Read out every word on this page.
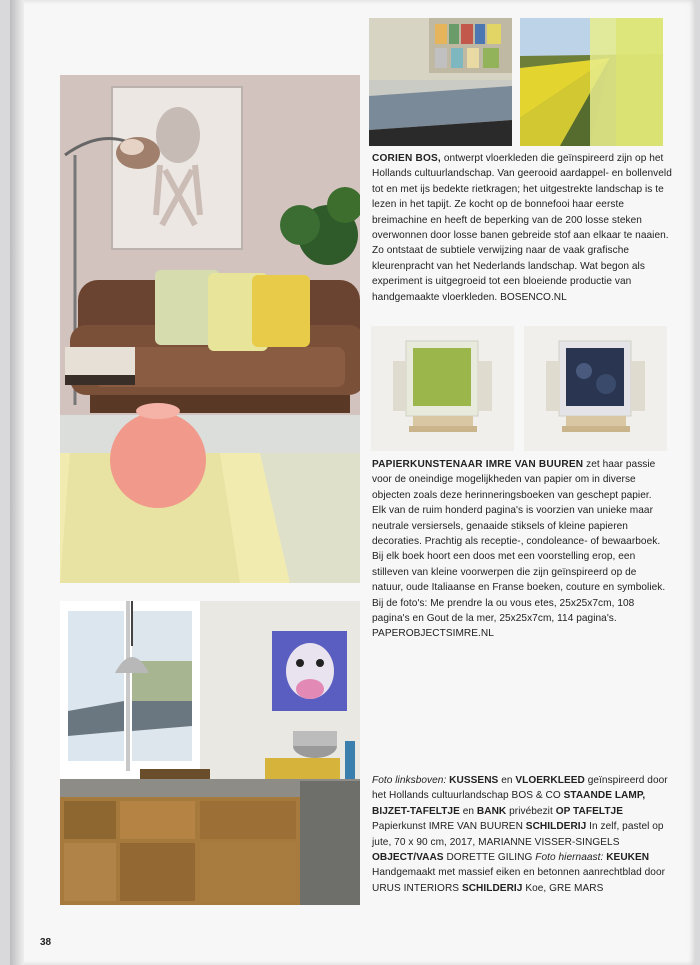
CORIEN BOS, ontwerpt vloerkleden die geïnspireerd zijn op het Hollands cultuurlandschap. Van geerooid aardappel- en bollenveld tot en met ijs bedekte rietkragen; het uitgestrekte landschap is te lezen in het tapijt. Ze kocht op de bonnefooi haar eerste breimachine en heeft de beperking van de 200 losse steken overwonnen door losse banen gebreide stof aan elkaar te naaien. Zo ontstaat de subtiele verwijzing naar de vaak grafische kleurenpracht van het Nederlands landschap. Wat begon als experiment is uitgegroeid tot een bloeiende productie van handgemaakte vloerkleden. BOSENCO.NL
PAPIERKUNSTENAAR IMRE VAN BUUREN zet haar passie voor de oneindige mogelijkheden van papier om in diverse objecten zoals deze herinneringsboeken van geschept papier. Elk van de ruim honderd pagina's is voorzien van unieke maar neutrale versiersels, genaaide stiksels of kleine papieren decoraties. Prachtig als receptie-, condoleance- of bewaarboek. Bij elk boek hoort een doos met een voorstelling erop, een stilleven van kleine voorwerpen die zijn geïnspireerd op de natuur, oude Italiaanse en Franse boeken, couture en symboliek. Bij de foto's: Me prendre la ou vous etes, 25x25x7cm, 108 pagina's en Gout de la mer, 25x25x7cm, 114 pagina's. PAPEROBJECTSIMRE.NL
Foto linksboven: KUSSENS en VLOERKLEED geïnspireerd door het Hollands cultuurlandschap BOS & CO STAANDE LAMP, BIJZET-TAFELTJE en BANK privébezit OP TAFELTJE Papierkunst IMRE VAN BUUREN SCHILDERIJ In zelf, pastel op jute, 70 x 90 cm, 2017, MARIANNE VISSER-SINGELS OBJECT/VAAS DORETTE GILING Foto hiernaast: KEUKEN Handgemaakt met massief eiken en betonnen aanrechtblad door URUS INTERIORS SCHILDERIJ Koe, GRE MARS
38
